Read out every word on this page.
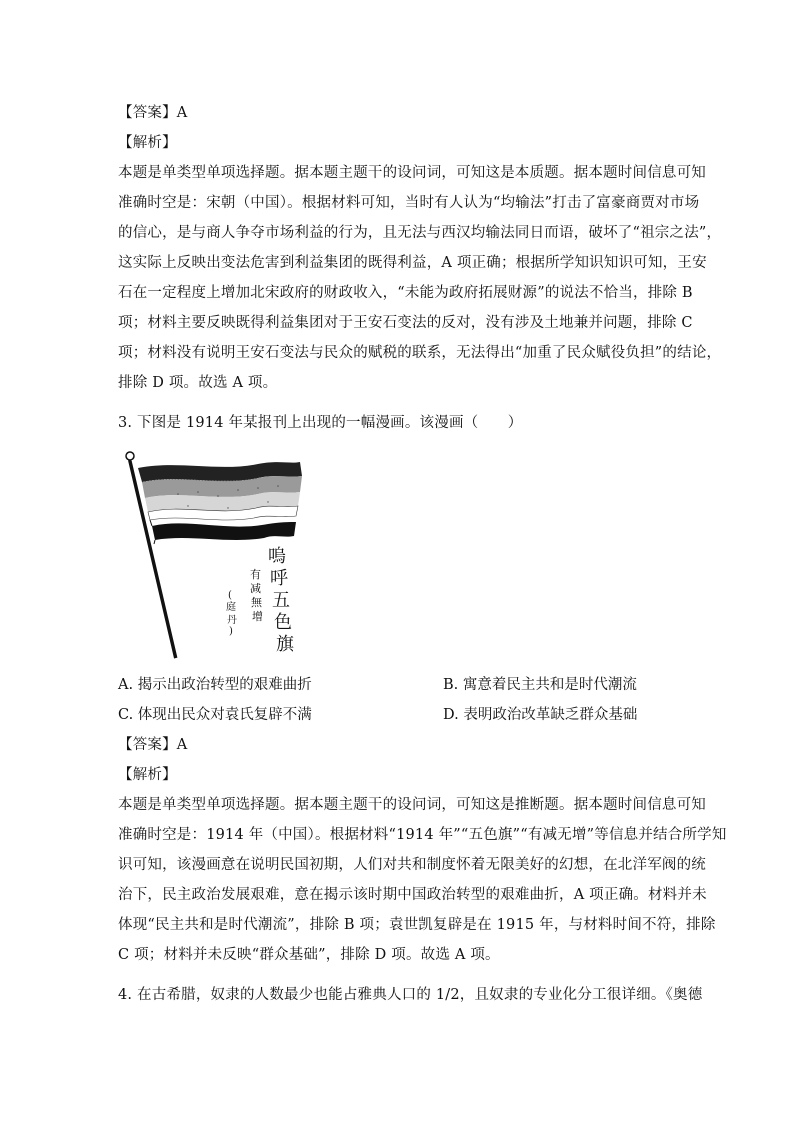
【答案】A
【解析】
本题是单类型单项选择题。据本题主题干的设问词，可知这是本质题。据本题时间信息可知
准确时空是：宋朝（中国）。根据材料可知，当时有人认为“均输法”打击了富豪商贾对市场
的信心，是与商人争夺市场利益的行为，且无法与西汉均输法同日而语，破坏了“祖宗之法”，
这实际上反映出变法危害到利益集团的既得利益，A 项正确；根据所学知识知识可知，王安
石在一定程度上增加北宋政府的财政收入，“未能为政府拓展财源”的说法不恰当，排除 B
项；材料主要反映既得利益集团对于王安石变法的反对，没有涉及土地兼并问题，排除 C
项；材料没有说明王安石变法与民众的赋税的联系，无法得出“加重了民众赋役负担”的结论，
排除 D 项。故选 A 项。
3. 下图是 1914 年某报刊上出现的一幅漫画。该漫画（　　）
嗚
呼
五
色
旗
有
减
無
增
(
庭
丹
)
A. 揭示出政治转型的艰难曲折	B. 寓意着民主共和是时代潮流
C. 体现出民众对袁氏复辟不满	D. 表明政治改革缺乏群众基础
【答案】A
【解析】
本题是单类型单项选择题。据本题主题干的设问词，可知这是推断题。据本题时间信息可知
准确时空是：1914 年（中国）。根据材料“1914 年”“五色旗”“有减无增”等信息并结合所学知
识可知，该漫画意在说明民国初期，人们对共和制度怀着无限美好的幻想，在北洋军阀的统
治下，民主政治发展艰难，意在揭示该时期中国政治转型的艰难曲折，A 项正确。材料并未
体现“民主共和是时代潮流”，排除 B 项；袁世凯复辟是在 1915 年，与材料时间不符，排除
C 项；材料并未反映“群众基础”，排除 D 项。故选 A 项。
4. 在古希腊，奴隶的人数最少也能占雅典人口的 1/2，且奴隶的专业化分工很详细。《奥德
